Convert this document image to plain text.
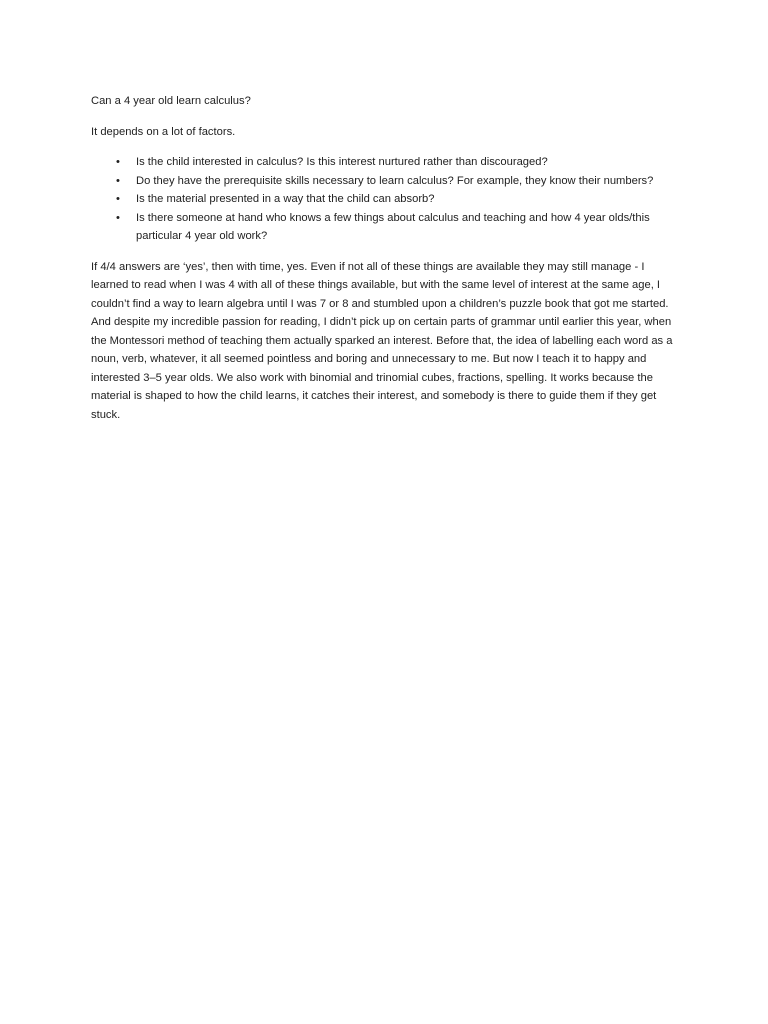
Can a 4 year old learn calculus?

It depends on a lot of factors.

• Is the child interested in calculus? Is this interest nurtured rather than discouraged?
• Do they have the prerequisite skills necessary to learn calculus? For example, they know their numbers?
• Is the material presented in a way that the child can absorb?
• Is there someone at hand who knows a few things about calculus and teaching and how 4 year olds/this particular 4 year old work?

If 4/4 answers are ‘yes’, then with time, yes. Even if not all of these things are available they may still manage - I learned to read when I was 4 with all of these things available, but with the same level of interest at the same age, I couldn’t find a way to learn algebra until I was 7 or 8 and stumbled upon a children’s puzzle book that got me started. And despite my incredible passion for reading, I didn’t pick up on certain parts of grammar until earlier this year, when the Montessori method of teaching them actually sparked an interest. Before that, the idea of labelling each word as a noun, verb, whatever, it all seemed pointless and boring and unnecessary to me. But now I teach it to happy and interested 3–5 year olds. We also work with binomial and trinomial cubes, fractions, spelling. It works because the material is shaped to how the child learns, it catches their interest, and somebody is there to guide them if they get stuck.
